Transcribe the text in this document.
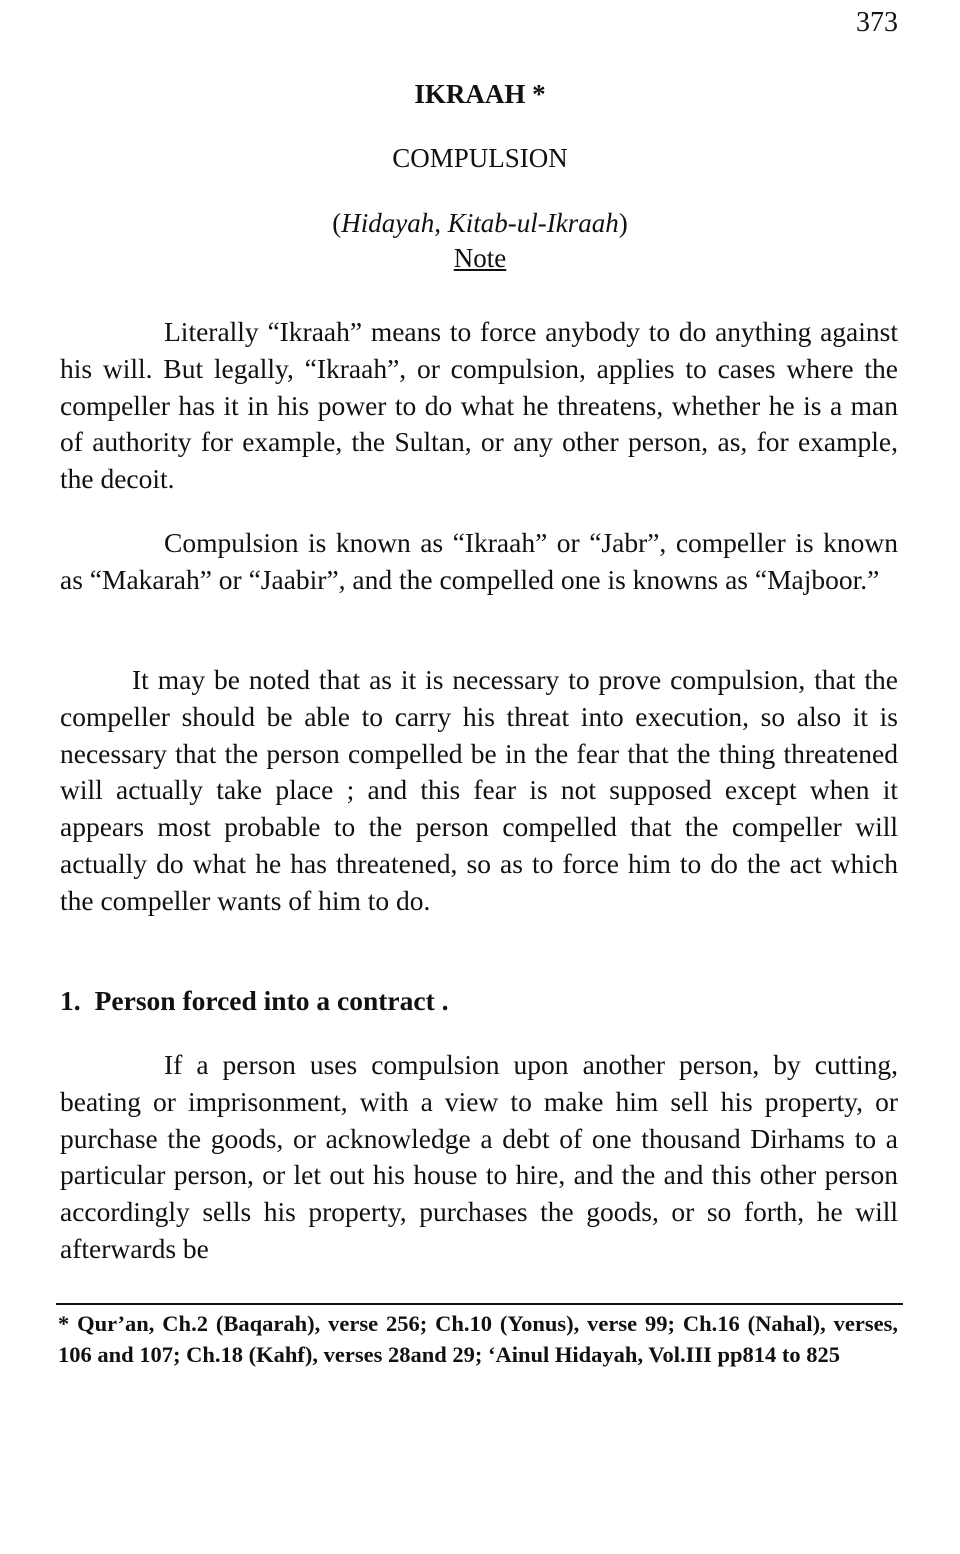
373
IKRAAH *
COMPULSION
(Hidayah, Kitab-ul-Ikraah)
Note

Literally “Ikraah” means to force anybody to do anything against his will. But legally, “Ikraah”, or compulsion, applies to cases where the compeller has it in his power to do what he threatens, whether he is a man of authority for example, the Sultan, or any other person, as, for example, the decoit.

Compulsion is known as “Ikraah” or “Jabr”, compeller is known as “Makarah” or “Jaabir”, and the compelled one is knowns as “Majboor.”

It may be noted that as it is necessary to prove compulsion, that the compeller should be able to carry his threat into execution, so also it is necessary that the person compelled be in the fear that the thing threatened will actually take place ; and this fear is not supposed except when it appears most probable to the person compelled that the compeller will actually do what he has threatened, so as to force him to do the act which the compeller wants of him to do.

1. Person forced into a contract .

If a person uses compulsion upon another person, by cutting, beating or imprisonment, with a view to make him sell his property, or purchase the goods, or acknowledge a debt of one thousand Dirhams to a particular person, or let out his house to hire, and the and this other person accordingly sells his property, purchases the goods, or so forth, he will afterwards be

* Qur’an, Ch.2 (Baqarah), verse 256; Ch.10 (Yonus), verse 99; Ch.16 (Nahal), verses, 106 and 107; Ch.18 (Kahf), verses 28and 29; ‘Ainul Hidayah, Vol.III pp814 to 825
